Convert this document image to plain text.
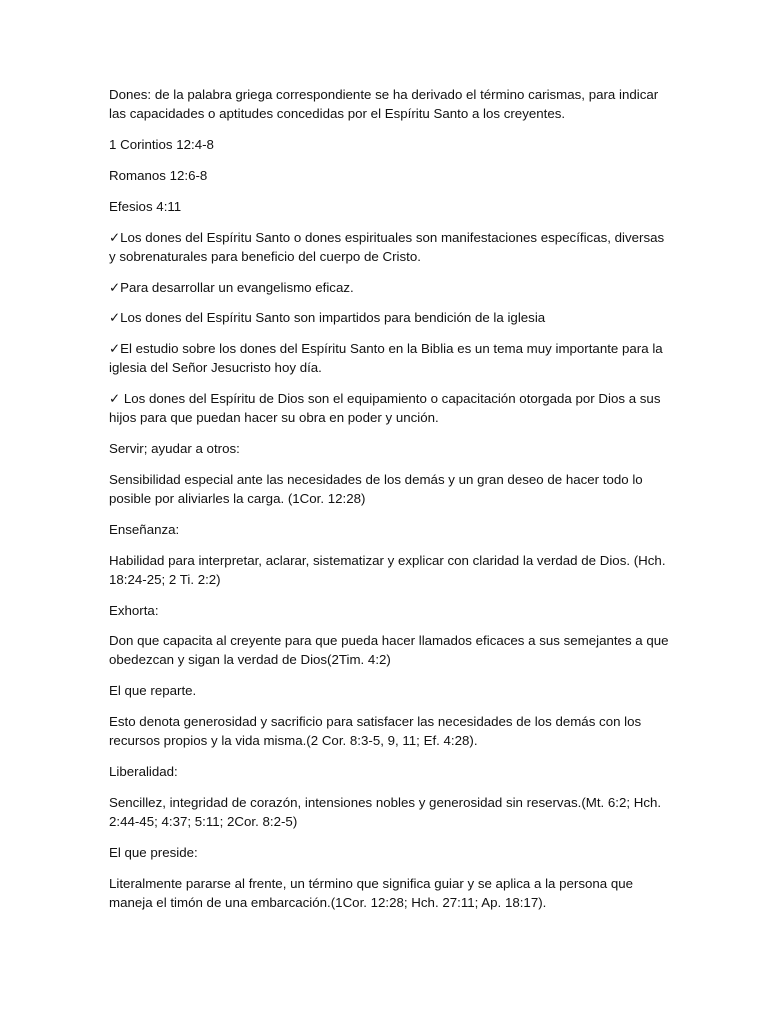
Dones: de la palabra griega correspondiente se ha derivado el término carismas, para indicar las capacidades o aptitudes concedidas por el Espíritu Santo a los creyentes.

1 Corintios 12:4-8

Romanos 12:6-8

Efesios 4:11

✓Los dones del Espíritu Santo o dones espirituales son manifestaciones específicas, diversas y sobrenaturales para beneficio del cuerpo de Cristo.

✓Para desarrollar un evangelismo eficaz.

✓Los dones del Espíritu Santo son impartidos para bendición de la iglesia

✓El estudio sobre los dones del Espíritu Santo en la Biblia es un tema muy importante para la iglesia del Señor Jesucristo hoy día.

✓ Los dones del Espíritu de Dios son el equipamiento o capacitación otorgada por Dios a sus hijos para que puedan hacer su obra en poder y unción.

Servir; ayudar a otros:

Sensibilidad especial ante las necesidades de los demás y un gran deseo de hacer todo lo posible por aliviarles la carga. (1Cor. 12:28)

Enseñanza:

Habilidad para interpretar, aclarar, sistematizar y explicar con claridad la verdad de Dios. (Hch. 18:24-25; 2 Ti. 2:2)

Exhorta:

Don que capacita al creyente para que pueda hacer llamados eficaces a sus semejantes a que obedezcan y sigan la verdad de Dios(2Tim. 4:2)

El que reparte.

Esto denota generosidad y sacrificio para satisfacer las necesidades de los demás con los recursos propios y la vida misma.(2 Cor. 8:3-5, 9, 11; Ef. 4:28).

Liberalidad:

Sencillez, integridad de corazón, intensiones nobles y generosidad sin reservas.(Mt. 6:2; Hch. 2:44-45; 4:37; 5:11; 2Cor. 8:2-5)

El que preside:

Literalmente pararse al frente, un término que significa guiar y se aplica a la persona que maneja el timón de una embarcación.(1Cor. 12:28; Hch. 27:11; Ap. 18:17).
